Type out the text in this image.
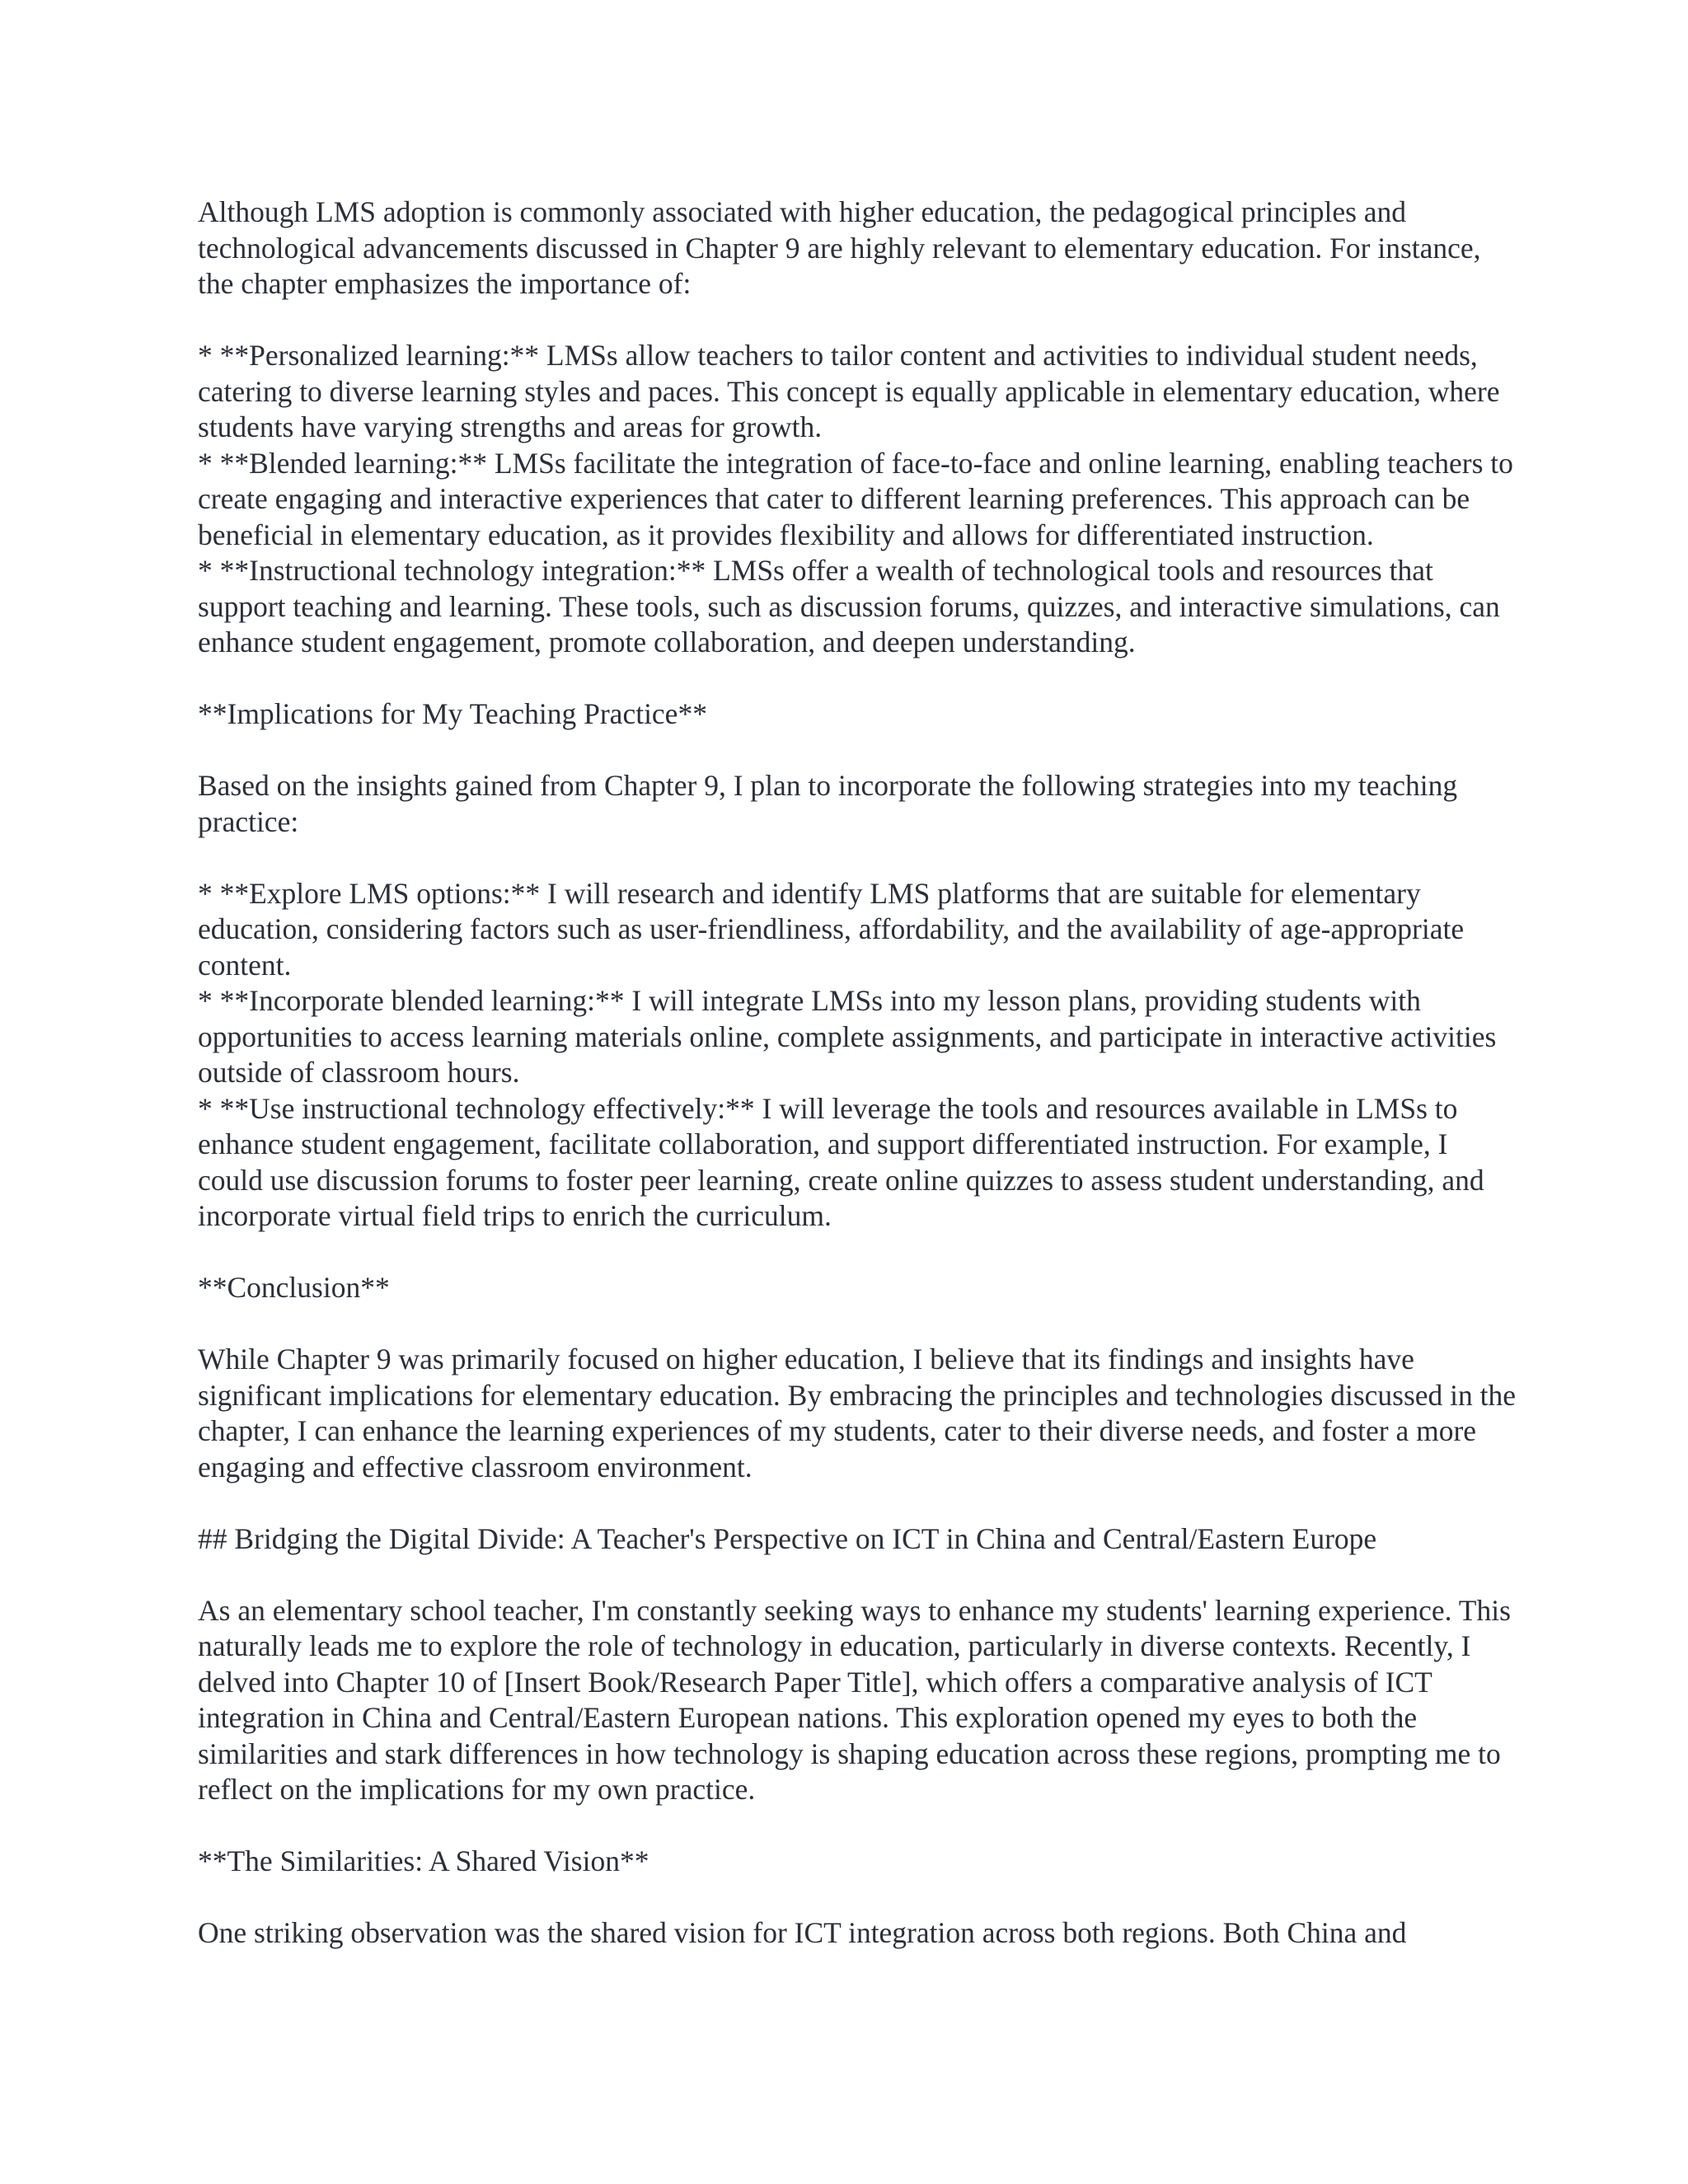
Although LMS adoption is commonly associated with higher education, the pedagogical principles and technological advancements discussed in Chapter 9 are highly relevant to elementary education. For instance, the chapter emphasizes the importance of:

* **Personalized learning:** LMSs allow teachers to tailor content and activities to individual student needs, catering to diverse learning styles and paces. This concept is equally applicable in elementary education, where students have varying strengths and areas for growth.

* **Blended learning:** LMSs facilitate the integration of face-to-face and online learning, enabling teachers to create engaging and interactive experiences that cater to different learning preferences. This approach can be beneficial in elementary education, as it provides flexibility and allows for differentiated instruction.

* **Instructional technology integration:** LMSs offer a wealth of technological tools and resources that support teaching and learning. These tools, such as discussion forums, quizzes, and interactive simulations, can enhance student engagement, promote collaboration, and deepen understanding.

**Implications for My Teaching Practice**

Based on the insights gained from Chapter 9, I plan to incorporate the following strategies into my teaching practice:

* **Explore LMS options:** I will research and identify LMS platforms that are suitable for elementary education, considering factors such as user-friendliness, affordability, and the availability of age-appropriate content.

* **Incorporate blended learning:** I will integrate LMSs into my lesson plans, providing students with opportunities to access learning materials online, complete assignments, and participate in interactive activities outside of classroom hours.

* **Use instructional technology effectively:** I will leverage the tools and resources available in LMSs to enhance student engagement, facilitate collaboration, and support differentiated instruction. For example, I could use discussion forums to foster peer learning, create online quizzes to assess student understanding, and incorporate virtual field trips to enrich the curriculum.

**Conclusion**

While Chapter 9 was primarily focused on higher education, I believe that its findings and insights have significant implications for elementary education. By embracing the principles and technologies discussed in the chapter, I can enhance the learning experiences of my students, cater to their diverse needs, and foster a more engaging and effective classroom environment.

## Bridging the Digital Divide: A Teacher's Perspective on ICT in China and Central/Eastern Europe

As an elementary school teacher, I'm constantly seeking ways to enhance my students' learning experience. This naturally leads me to explore the role of technology in education, particularly in diverse contexts. Recently, I delved into Chapter 10 of [Insert Book/Research Paper Title], which offers a comparative analysis of ICT integration in China and Central/Eastern European nations. This exploration opened my eyes to both the similarities and stark differences in how technology is shaping education across these regions, prompting me to reflect on the implications for my own practice.

**The Similarities: A Shared Vision**

One striking observation was the shared vision for ICT integration across both regions. Both China and
